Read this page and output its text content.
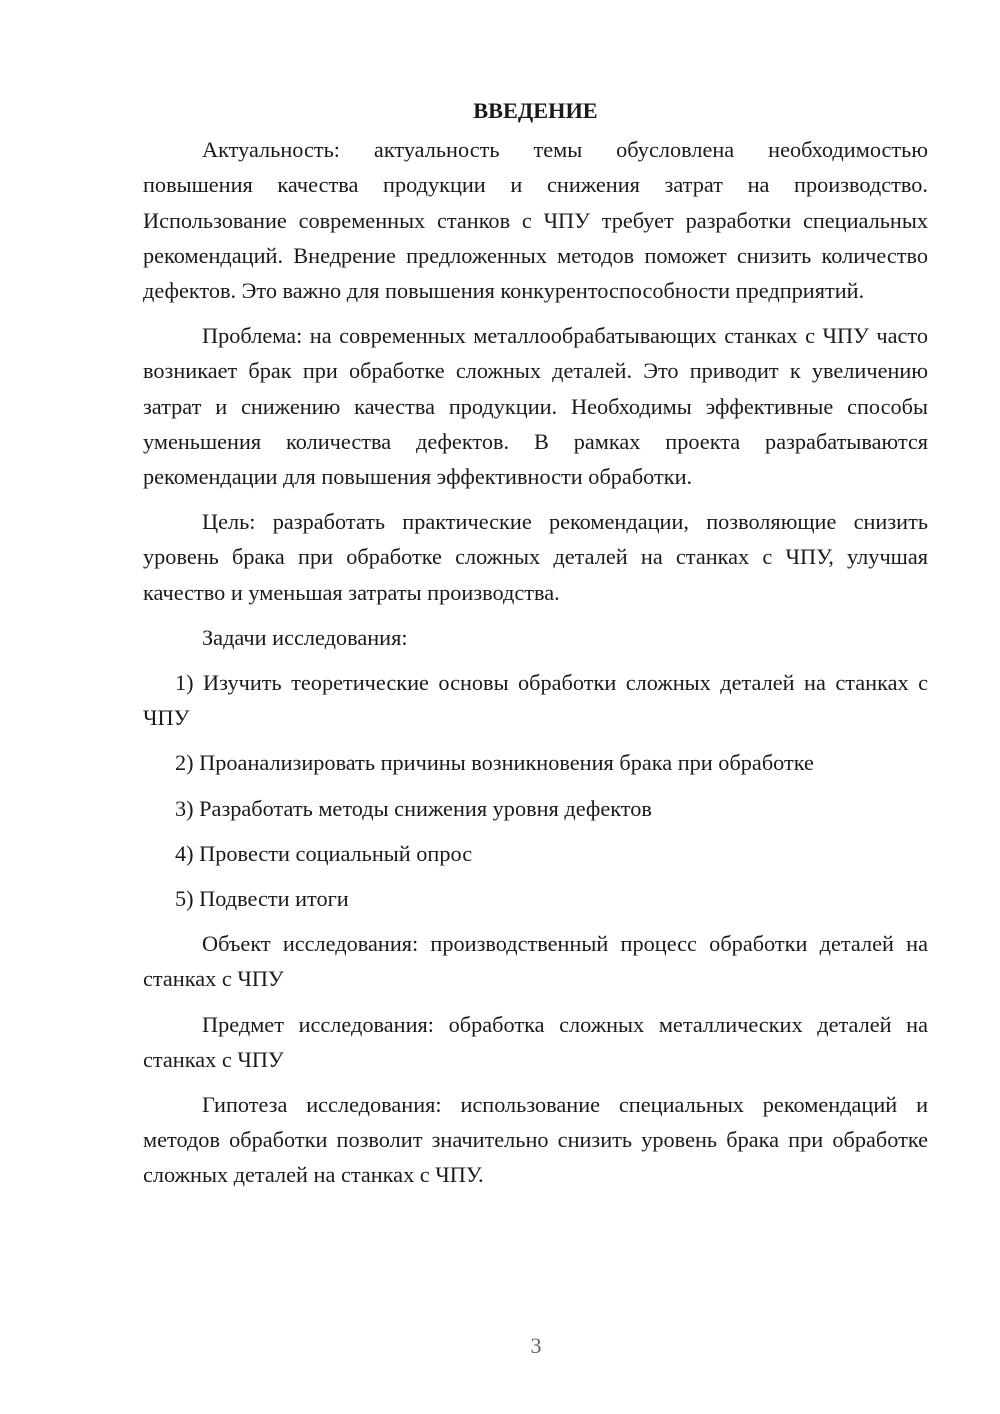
ВВЕДЕНИЕ

Актуальность: актуальность темы обусловлена необходимостью повышения качества продукции и снижения затрат на производство. Использование современных станков с ЧПУ требует разработки специальных рекомендаций. Внедрение предложенных методов поможет снизить количество дефектов. Это важно для повышения конкурентоспособности предприятий.

Проблема: на современных металлообрабатывающих станках с ЧПУ часто возникает брак при обработке сложных деталей. Это приводит к увеличению затрат и снижению качества продукции. Необходимы эффективные способы уменьшения количества дефектов. В рамках проекта разрабатываются рекомендации для повышения эффективности обработки.

Цель: разработать практические рекомендации, позволяющие снизить уровень брака при обработке сложных деталей на станках с ЧПУ, улучшая качество и уменьшая затраты производства.

Задачи исследования:

1) Изучить теоретические основы обработки сложных деталей на станках с ЧПУ

2) Проанализировать причины возникновения брака при обработке

3) Разработать методы снижения уровня дефектов

4) Провести социальный опрос

5) Подвести итоги

Объект исследования: производственный процесс обработки деталей на станках с ЧПУ

Предмет исследования: обработка сложных металлических деталей на станках с ЧПУ

Гипотеза исследования: использование специальных рекомендаций и методов обработки позволит значительно снизить уровень брака при обработке сложных деталей на станках с ЧПУ.

3
